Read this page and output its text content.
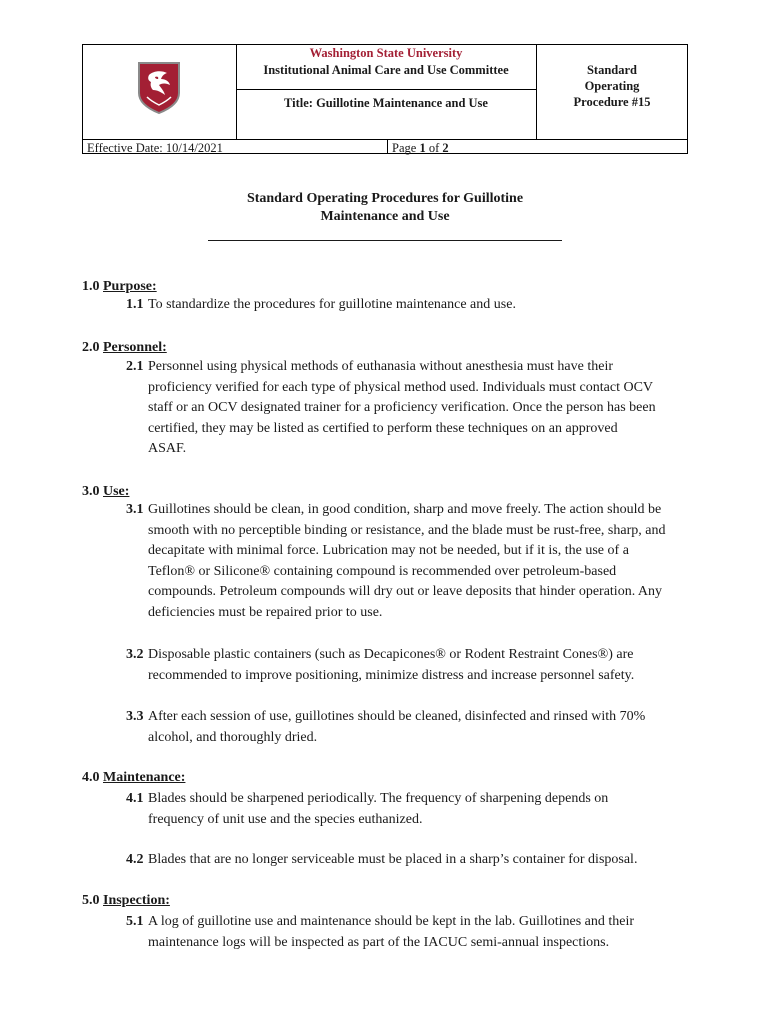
Washington State University
Institutional Animal Care and Use Committee
Title: Guillotine Maintenance and Use
Standard
Operating
Procedure #15
Effective Date: 10/14/2021	Page 1 of 2
Standard Operating Procedures for Guillotine
Maintenance and Use
1.0 Purpose:
1.1 To standardize the procedures for guillotine maintenance and use.
2.0 Personnel:
2.1 Personnel using physical methods of euthanasia without anesthesia must have their proficiency verified for each type of physical method used. Individuals must contact OCV staff or an OCV designated trainer for a proficiency verification. Once the person has been certified, they may be listed as certified to perform these techniques on an approved ASAF.
3.0 Use:
3.1 Guillotines should be clean, in good condition, sharp and move freely. The action should be smooth with no perceptible binding or resistance, and the blade must be rust-free, sharp, and decapitate with minimal force. Lubrication may not be needed, but if it is, the use of a Teflon® or Silicone® containing compound is recommended over petroleum-based compounds. Petroleum compounds will dry out or leave deposits that hinder operation. Any deficiencies must be repaired prior to use.
3.2 Disposable plastic containers (such as Decapicones® or Rodent Restraint Cones®) are recommended to improve positioning, minimize distress and increase personnel safety.
3.3 After each session of use, guillotines should be cleaned, disinfected and rinsed with 70% alcohol, and thoroughly dried.
4.0 Maintenance:
4.1 Blades should be sharpened periodically. The frequency of sharpening depends on frequency of unit use and the species euthanized.
4.2 Blades that are no longer serviceable must be placed in a sharp’s container for disposal.
5.0 Inspection:
5.1 A log of guillotine use and maintenance should be kept in the lab. Guillotines and their maintenance logs will be inspected as part of the IACUC semi-annual inspections.
